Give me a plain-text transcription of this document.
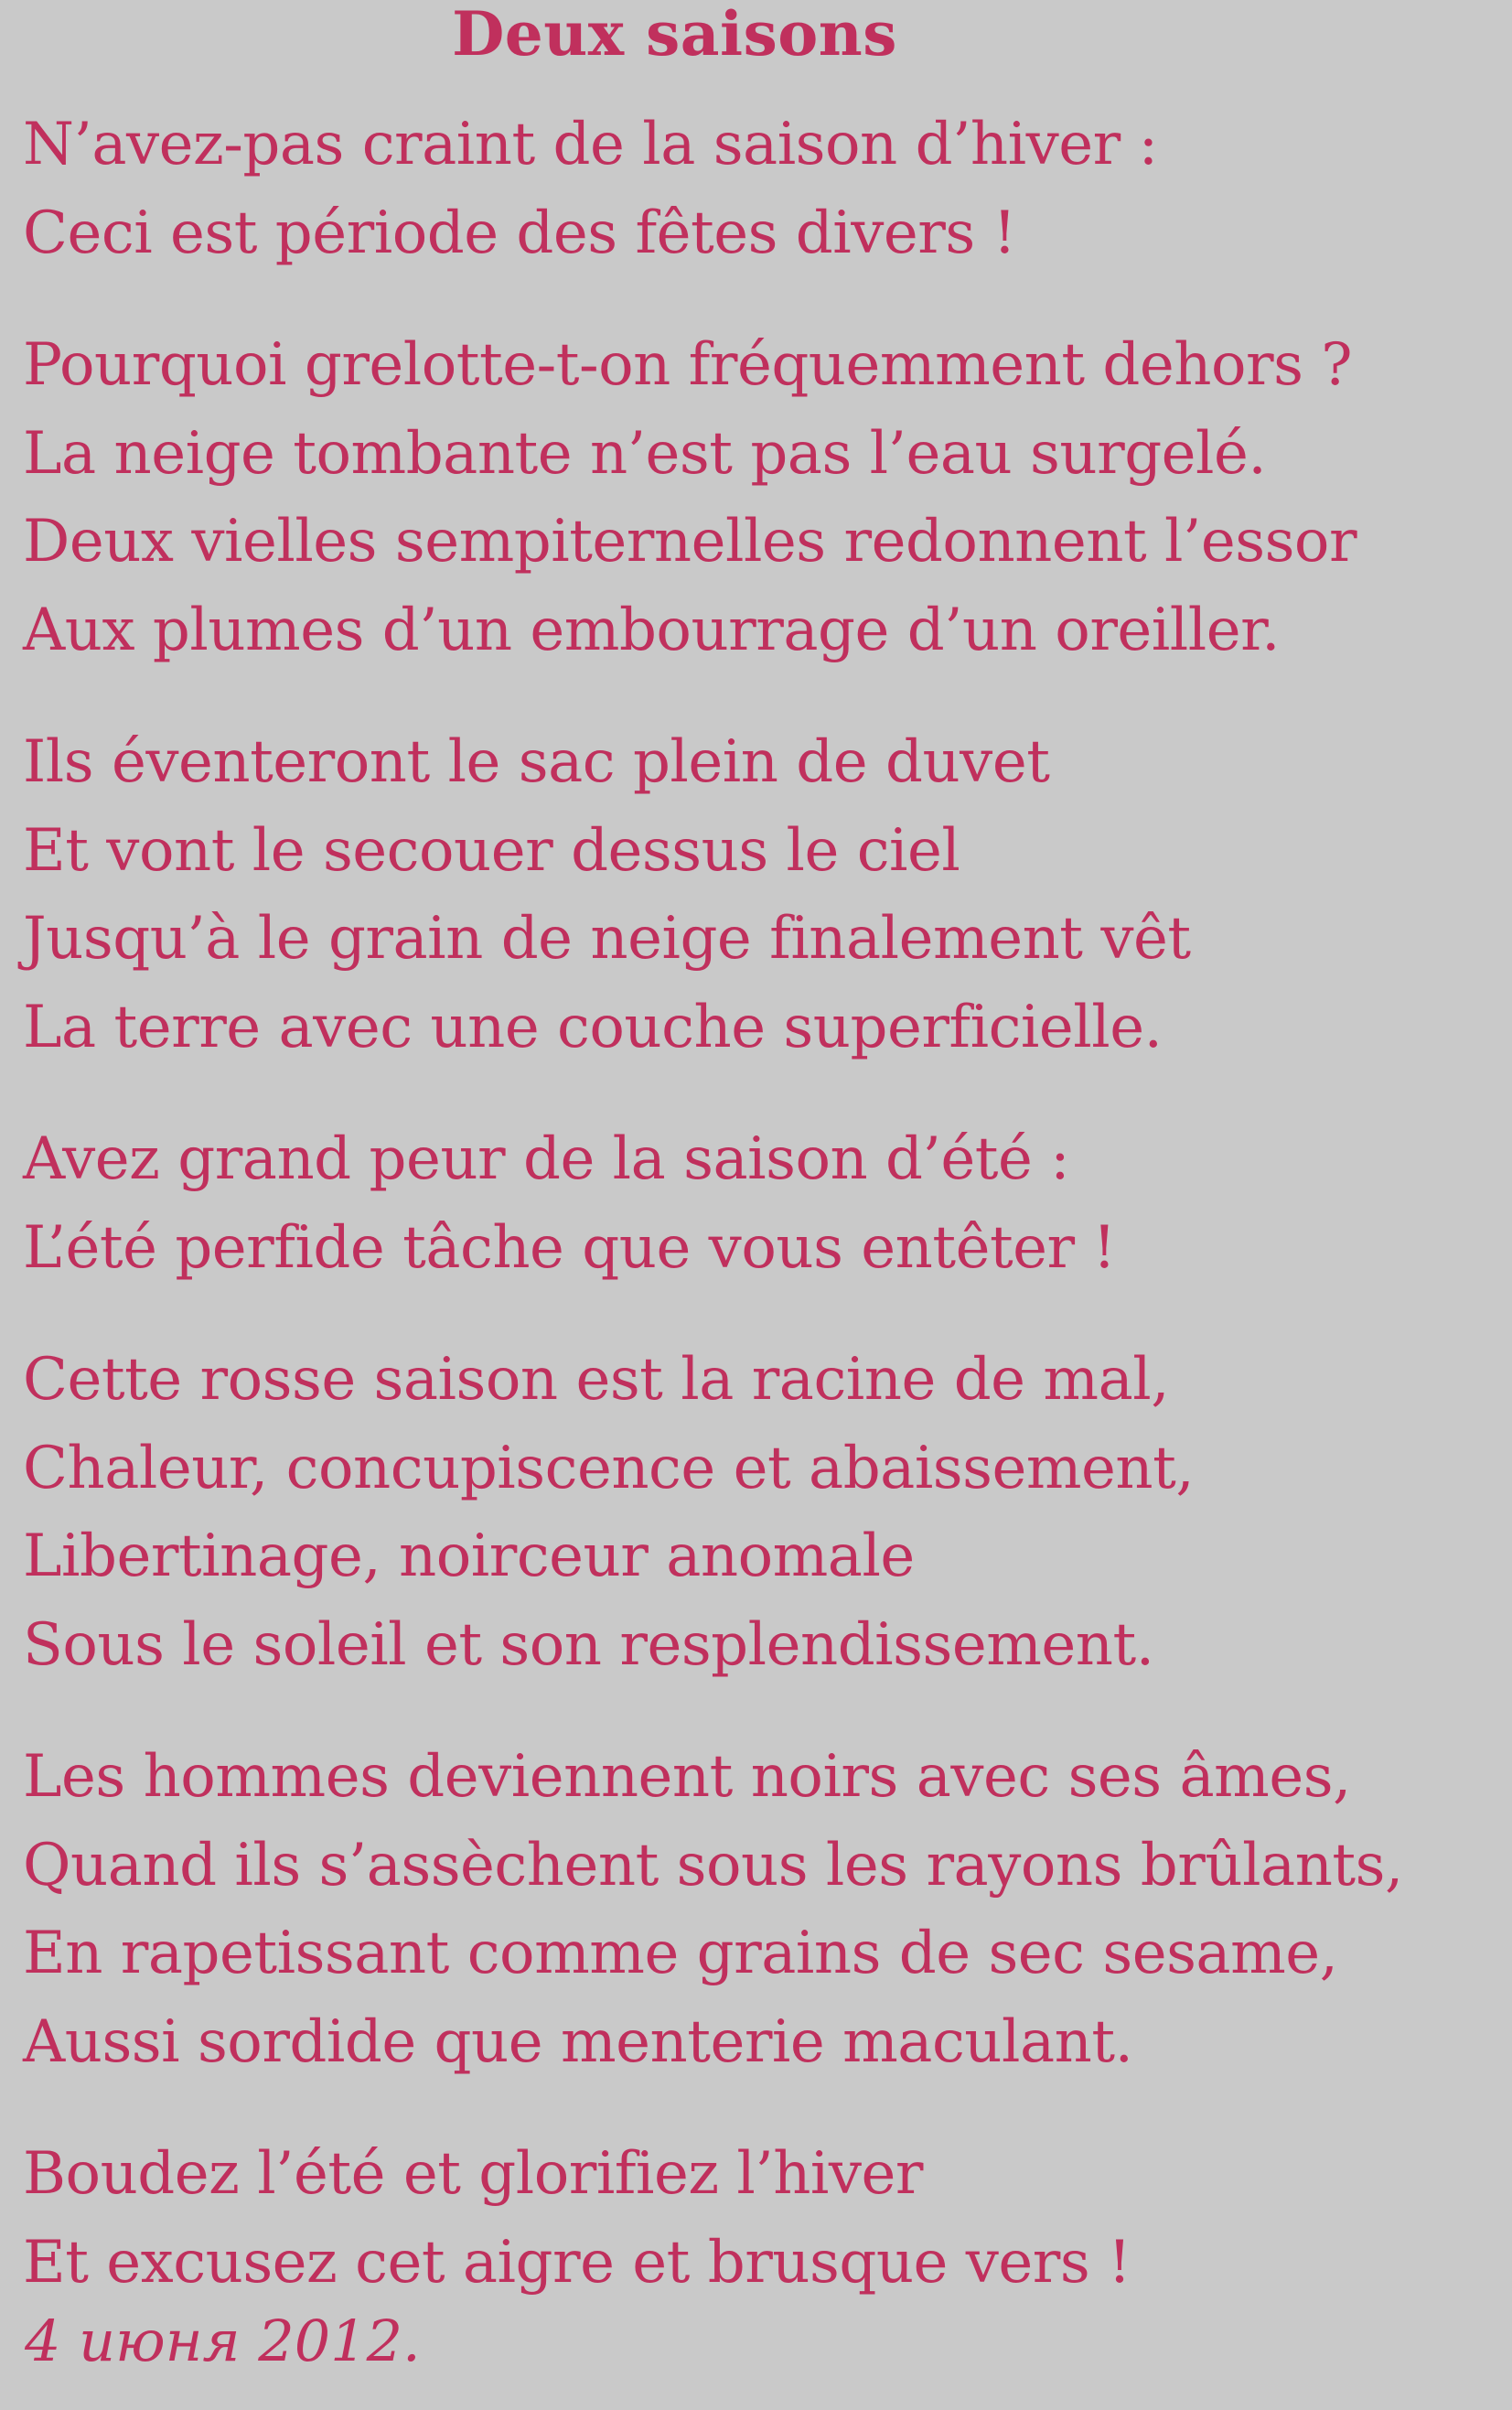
Deux saisons
N’avez-pas craint de la saison d’hiver :
Ceci est période des fêtes divers !
Pourquoi grelotte-t-on fréquemment dehors ?
La neige tombante n’est pas l’eau surgelé.
Deux vielles sempiternelles redonnent l’essor
Aux plumes d’un embourrage d’un oreiller.
Ils éventeront le sac plein de duvet
Et vont le secouer dessus le ciel
Jusqu’à le grain de neige finalement vêt
La terre avec une couche superficielle.
Avez grand peur de la saison d’été :
L’été perfide tâche que vous entêter !
Cette rosse saison est la racine de mal,
Chaleur, concupiscence et abaissement,
Libertinage, noirceur anomale
Sous le soleil et son resplendissement.
Les hommes deviennent noirs avec ses âmes,
Quand ils s’assèchent sous les rayons brûlants,
En rapetissant comme grains de sec sesame,
Aussi sordide que menterie maculant.
Boudez l’été et glorifiez l’hiver
Et excusez cet aigre et brusque vers !
4 июня 2012.
